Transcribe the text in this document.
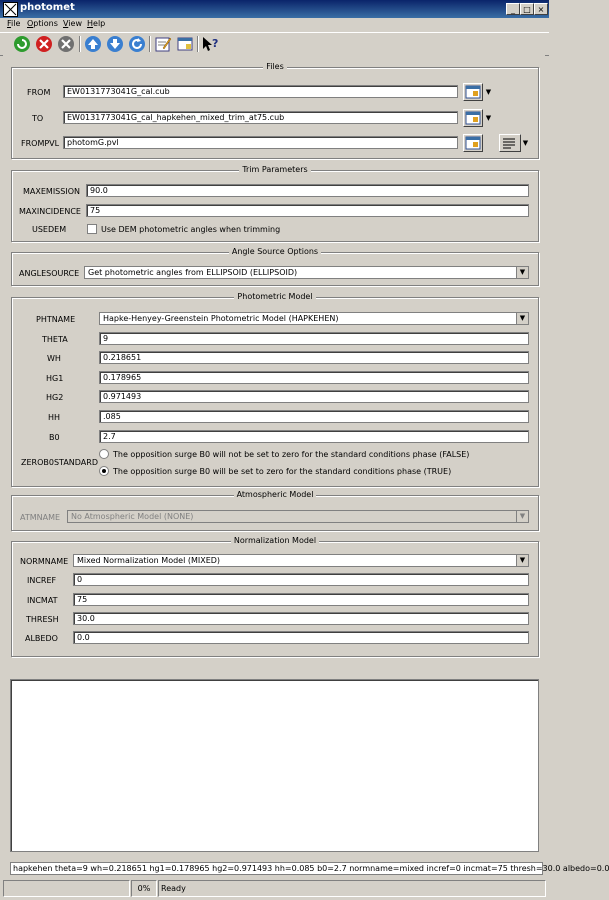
photomet	_	□ ×
File Options View Help
?
Files
FROM	EW0131773041G_cal.cub	▼
TO	EW0131773041G_cal_hapkehen_mixed_trim_at75.cub	▼
FROMPVL photomG.pvl	▼
Trim Parameters
MAXEMISSION	90.0
MAXINCIDENCE	75
USEDEM	Use DEM photometric angles when trimming
Angle Source Options
ANGLESOURCE	Get photometric angles from ELLIPSOID (ELLIPSOID)	▼
Photometric Model
PHTNAME	Hapke-Henyey-Greenstein Photometric Model (HAPKEHEN)	▼
THETA	9
WH	0.218651
HG1	0.178965
HG2	0.971493
HH	.085
B0	2.7
The opposition surge B0 will not be set to zero for the standard conditions phase (FALSE)
ZEROB0STANDARD
The opposition surge B0 will be set to zero for the standard conditions phase (TRUE)
Atmospheric Model
ATMNAME	No Atmospheric Model (NONE)	▼
Normalization Model
NORMNAME	Mixed Normalization Model (MIXED)	▼
INCREF	0
INCMAT	75
THRESH	30.0
ALBEDO	0.0
hapkehen theta=9 wh=0.218651 hg1=0.178965 hg2=0.971493 hh=0.085 b0=2.7 normname=mixed incref=0 incmat=75 thresh=30.0 albedo=0.0
0%	Ready
